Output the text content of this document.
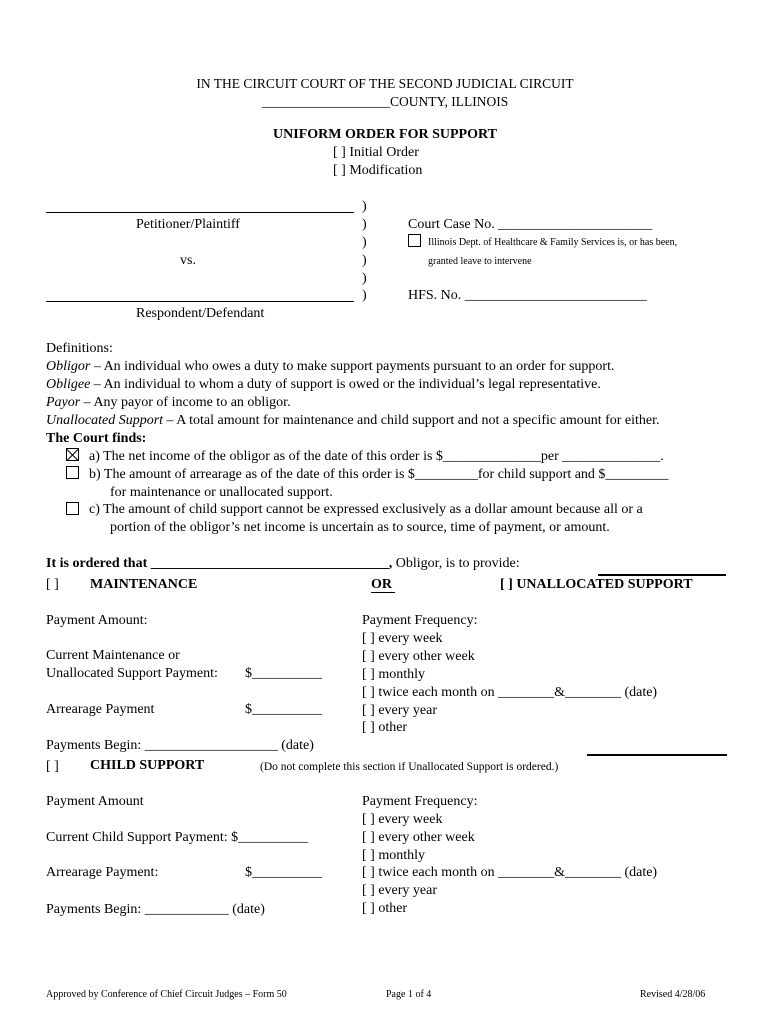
IN THE CIRCUIT COURT OF THE SECOND JUDICIAL CIRCUIT
___________________COUNTY, ILLINOIS
UNIFORM ORDER FOR SUPPORT
[ ] Initial Order
[ ] Modification
Petitioner/Plaintiff
vs.
Respondent/Defendant
)
)
)
)
)
)
Court Case No. ______________________
Illinois Dept. of Healthcare & Family Services is, or has been,
granted leave to intervene
HFS. No. __________________________
Definitions:
Obligor – An individual who owes a duty to make support payments pursuant to an order for support.
Obligee – An individual to whom a duty of support is owed or the individual’s legal representative.
Payor – Any payor of income to an obligor.
Unallocated Support – A total amount for maintenance and child support and not a specific amount for either.
The Court finds:
a) The net income of the obligor as of the date of this order is $______________per ______________.
b) The amount of arrearage as of the date of this order is $_________for child support and $_________
for maintenance or unallocated support.
c) The amount of child support cannot be expressed exclusively as a dollar amount because all or a
portion of the obligor’s net income is uncertain as to source, time of payment, or amount.
It is ordered that __________________________________, Obligor, is to provide:
[ ] MAINTENANCE	OR	[ ] UNALLOCATED SUPPORT
Payment Amount:
Current Maintenance or
Unallocated Support Payment: $__________
Arrearage Payment	$__________
Payments Begin: ___________________ (date)
Payment Frequency:
[ ] every week
[ ] every other week
[ ] monthly
[ ] twice each month on ________&________ (date)
[ ] every year
[ ] other
[ ] CHILD SUPPORT	(Do not complete this section if Unallocated Support is ordered.)
Payment Amount
Current Child Support Payment: $__________
Arrearage Payment:	$__________
Payments Begin: ____________ (date)
Payment Frequency:
[ ] every week
[ ] every other week
[ ] monthly
[ ] twice each month on ________&________ (date)
[ ] every year
[ ] other
Approved by Conference of Chief Circuit Judges – Form 50	Page 1 of 4	Revised 4/28/06
